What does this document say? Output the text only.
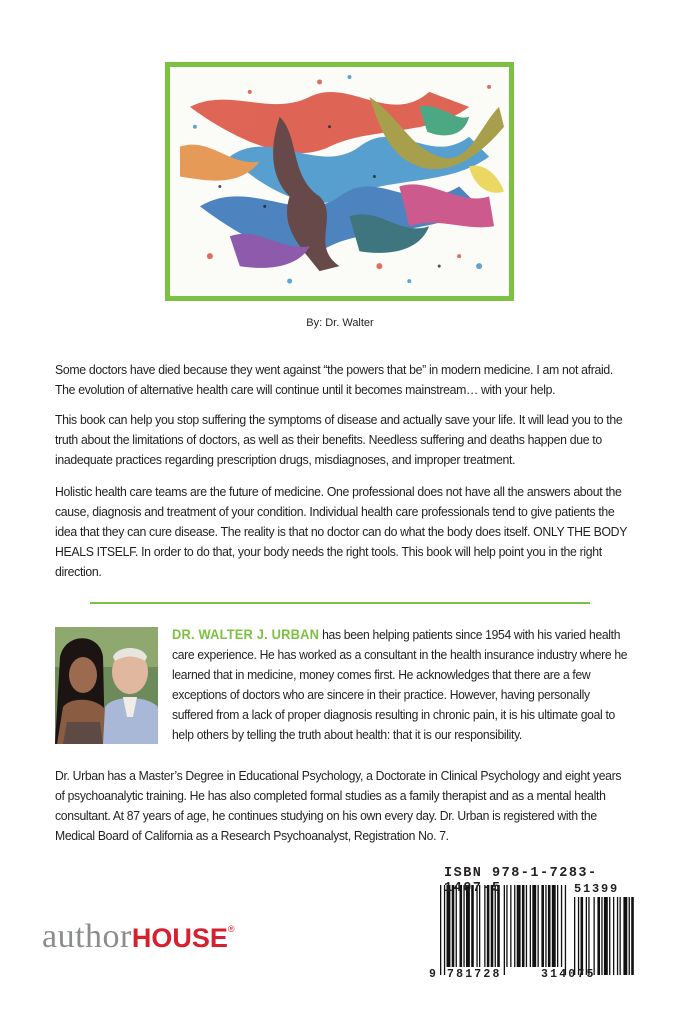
By: Dr. Walter

Some doctors have died because they went against “the powers that be” in modern medicine. I am not afraid. The evolution of alternative health care will continue until it becomes mainstream… with your help.

This book can help you stop suffering the symptoms of disease and actually save your life. It will lead you to the truth about the limitations of doctors, as well as their benefits. Needless suffering and deaths happen due to inadequate practices regarding prescription drugs, misdiagnoses, and improper treatment.

Holistic health care teams are the future of medicine. One professional does not have all the answers about the cause, diagnosis and treatment of your condition. Individual health care professionals tend to give patients the idea that they can cure disease. The reality is that no doctor can do what the body does itself. ONLY THE BODY HEALS ITSELF. In order to do that, your body needs the right tools. This book will help point you in the right direction.

DR. WALTER J. URBAN has been helping patients since 1954 with his varied health care experience. He has worked as a consultant in the health insurance industry where he learned that in medicine, money comes first. He acknowledges that there are a few exceptions of doctors who are sincere in their practice. However, having personally suffered from a lack of proper diagnosis resulting in chronic pain, it is his ultimate goal to help others by telling the truth about health: that it is our responsibility.

Dr. Urban has a Master’s Degree in Educational Psychology, a Doctorate in Clinical Psychology and eight years of psychoanalytic training. He has also completed formal studies as a family therapist and as a mental health consultant. At 87 years of age, he continues studying on his own every day. Dr. Urban is registered with the Medical Board of California as a Research Psychoanalyst, Registration No. 7.

authorHOUSE®
ISBN 978-1-7283-1407-5	51399
9 781728	314075
